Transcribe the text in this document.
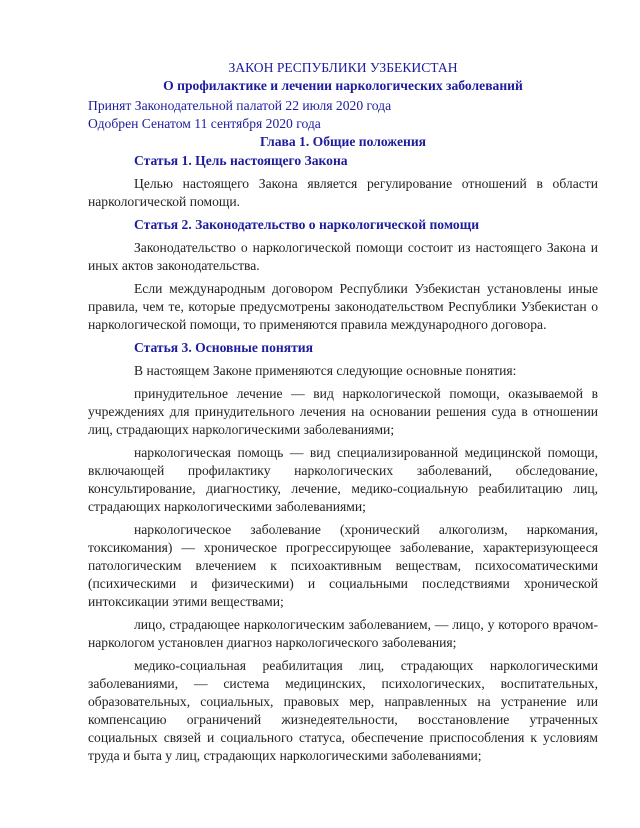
ЗАКОН РЕСПУБЛИКИ УЗБЕКИСТАН
О профилактике и лечении наркологических заболеваний
Принят Законодательной палатой 22 июля 2020 года
Одобрен Сенатом 11 сентября 2020 года
Глава 1. Общие положения
Статья 1. Цель настоящего Закона

Целью настоящего Закона является регулирование отношений в области наркологической помощи.

Статья 2. Законодательство о наркологической помощи

Законодательство о наркологической помощи состоит из настоящего Закона и иных актов законодательства.

Если международным договором Республики Узбекистан установлены иные правила, чем те, которые предусмотрены законодательством Республики Узбекистан о наркологической помощи, то применяются правила международного договора.

Статья 3. Основные понятия

В настоящем Законе применяются следующие основные понятия:

принудительное лечение — вид наркологической помощи, оказываемой в учреждениях для принудительного лечения на основании решения суда в отношении лиц, страдающих наркологическими заболеваниями;

наркологическая помощь — вид специализированной медицинской помощи, включающей профилактику наркологических заболеваний, обследование, консультирование, диагностику, лечение, медико-социальную реабилитацию лиц, страдающих наркологическими заболеваниями;

наркологическое заболевание (хронический алкоголизм, наркомания, токсикомания) — хроническое прогрессирующее заболевание, характеризующееся патологическим влечением к психоактивным веществам, психосоматическими (психическими и физическими) и социальными последствиями хронической интоксикации этими веществами;

лицо, страдающее наркологическим заболеванием, — лицо, у которого врачом-наркологом установлен диагноз наркологического заболевания;

медико-социальная реабилитация лиц, страдающих наркологическими заболеваниями, — система медицинских, психологических, воспитательных, образовательных, социальных, правовых мер, направленных на устранение или компенсацию ограничений жизнедеятельности, восстановление утраченных социальных связей и социального статуса, обеспечение приспособления к условиям труда и быта у лиц, страдающих наркологическими заболеваниями;
